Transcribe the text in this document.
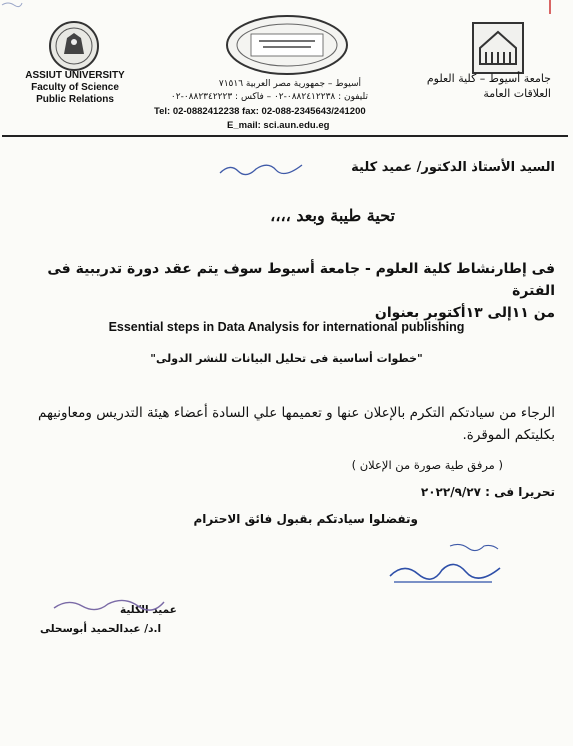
ASSIUT UNIVERSITY
Faculty of Science
Public Relations
جامعة أسيوط – كلية العلوم
العلاقات العامة
أسيوط – جمهورية مصر العربية ٧١٥١٦
تليفون : ٠٨٨٢٤١٢٢٣٨-٠٢ – فاكس : ٠٨٨٢٣٤٢٢٢٣-٠٢
Tel: 02-0882412238 fax: 02-088-2345643/241200
E_mail: sci.aun.edu.eg
السيد الأستاذ الدكتور/ عميد كلية
تحية طيبة وبعد ،،،،
فى إطارنشاط كلية العلوم - جامعة أسيوط سوف يتم عقد دورة تدريبية فى الفترة
من ١١إلى ١٣أكتوبر بعنوان
Essential steps in Data Analysis for international publishing
"خطوات أساسية فى تحليل البيانات للنشر الدولى"
الرجاء من سيادتكم التكرم بالإعلان عنها و تعميمها علي السادة أعضاء هيئة التدريس ومعاونيهم بكليتكم الموقرة.
( مرفق طية صورة من الإعلان )
تحريرا فى : ٢٠٢٢/٩/٢٧
وتفضلوا سيادتكم بقبول فائق الاحترام
عميد الكلية
ا.د/ عبدالحميد أبوسحلى
